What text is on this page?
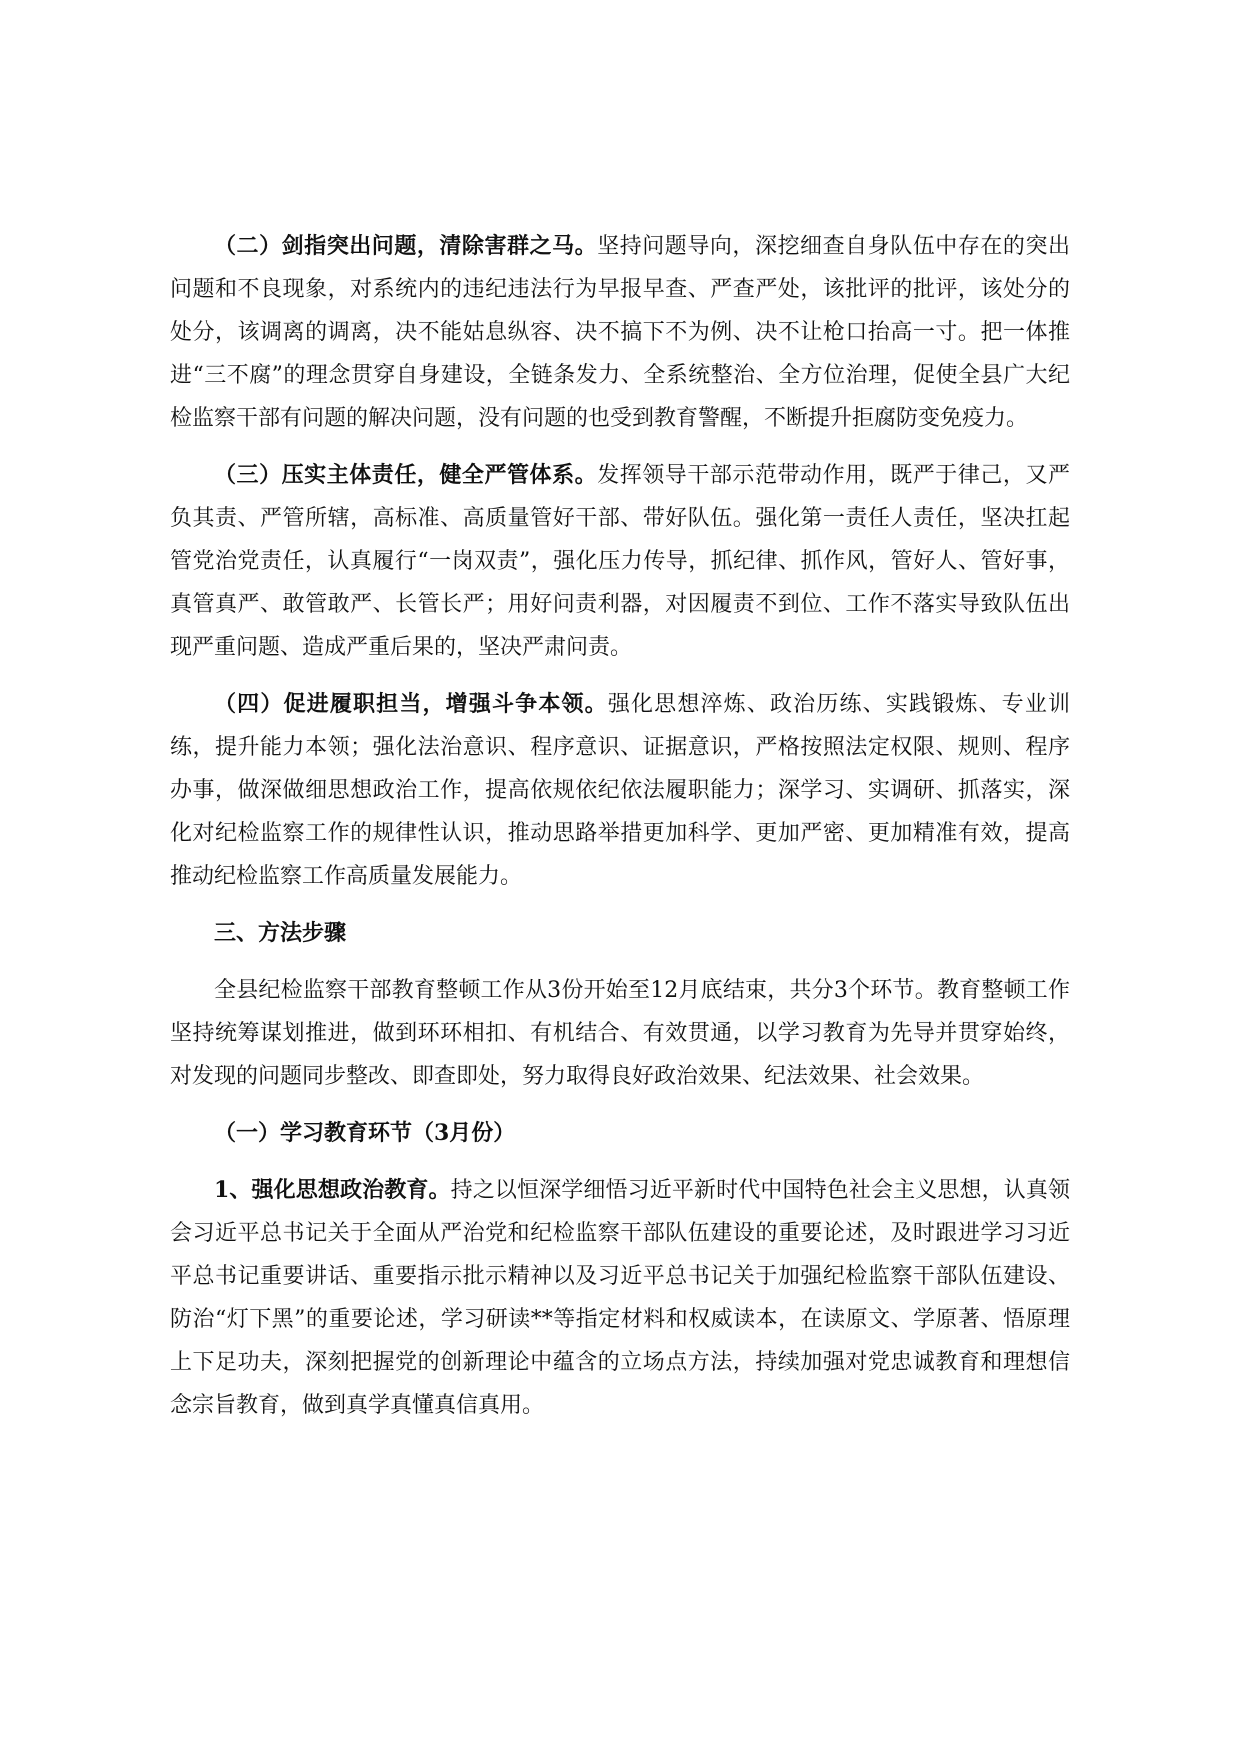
（二）剑指突出问题，清除害群之马。坚持问题导向，深挖细查自身队伍中存在的突出问题和不良现象，对系统内的违纪违法行为早报早查、严查严处，该批评的批评，该处分的处分，该调离的调离，决不能姑息纵容、决不搞下不为例、决不让枪口抬高一寸。把一体推进“三不腐”的理念贯穿自身建设，全链条发力、全系统整治、全方位治理，促使全县广大纪检监察干部有问题的解决问题，没有问题的也受到教育警醒，不断提升拒腐防变免疫力。

（三）压实主体责任，健全严管体系。发挥领导干部示范带动作用，既严于律己，又严负其责、严管所辖，高标准、高质量管好干部、带好队伍。强化第一责任人责任，坚决扛起管党治党责任，认真履行“一岗双责”，强化压力传导，抓纪律、抓作风，管好人、管好事，真管真严、敢管敢严、长管长严；用好问责利器，对因履责不到位、工作不落实导致队伍出现严重问题、造成严重后果的，坚决严肃问责。

（四）促进履职担当，增强斗争本领。强化思想淬炼、政治历练、实践锻炼、专业训练，提升能力本领；强化法治意识、程序意识、证据意识，严格按照法定权限、规则、程序办事，做深做细思想政治工作，提高依规依纪依法履职能力；深学习、实调研、抓落实，深化对纪检监察工作的规律性认识，推动思路举措更加科学、更加严密、更加精准有效，提高推动纪检监察工作高质量发展能力。

三、方法步骤

全县纪检监察干部教育整顿工作从3份开始至12月底结束，共分3个环节。教育整顿工作坚持统筹谋划推进，做到环环相扣、有机结合、有效贯通，以学习教育为先导并贯穿始终，对发现的问题同步整改、即查即处，努力取得良好政治效果、纪法效果、社会效果。

（一）学习教育环节（3月份）

1、强化思想政治教育。持之以恒深学细悟习近平新时代中国特色社会主义思想，认真领会习近平总书记关于全面从严治党和纪检监察干部队伍建设的重要论述，及时跟进学习习近平总书记重要讲话、重要指示批示精神以及习近平总书记关于加强纪检监察干部队伍建设、防治“灯下黑”的重要论述，学习研读**等指定材料和权威读本，在读原文、学原著、悟原理上下足功夫，深刻把握党的创新理论中蕴含的立场点方法，持续加强对党忠诚教育和理想信念宗旨教育，做到真学真懂真信真用。
